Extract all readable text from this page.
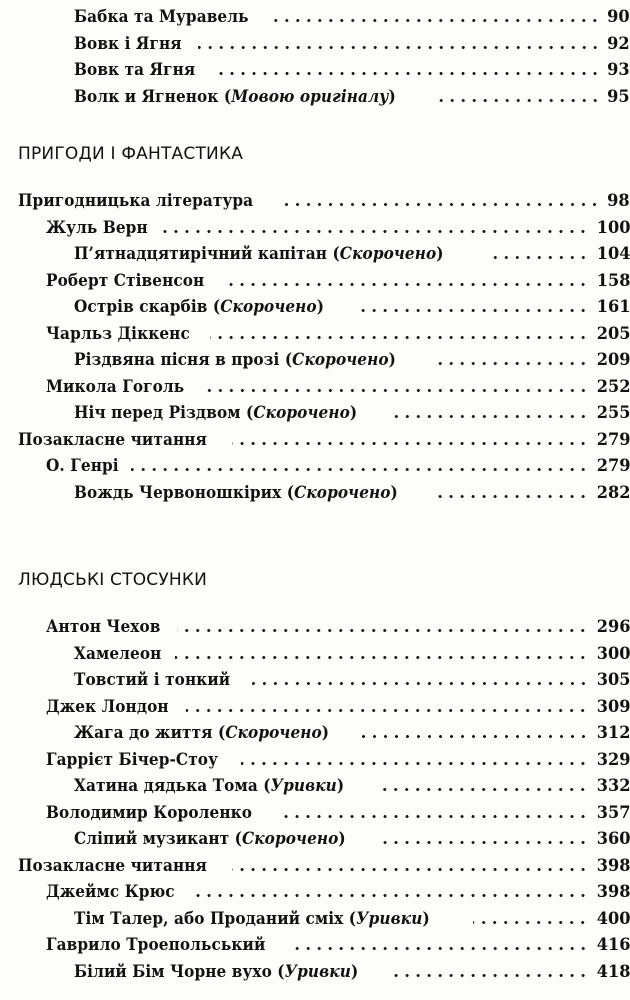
Бабка та Муравель	90
Вовк і Ягня	92
Вовк та Ягня	93
Волк и Ягненок (Мовою оригіналу)	95
ПРИГОДИ І ФАНТАСТИКА
Пригодницька література	98
Жуль Верн	100
П’ятнадцятирічний капітан (Скорочено)	104
Роберт Стівенсон	158
Острів скарбів (Скорочено)	161
Чарльз Діккенс	205
Різдвяна пісня в прозі (Скорочено)	209
Микола Гоголь	252
Ніч перед Різдвом (Скорочено)	255
Позакласне читання	279
О. Генрі	279
Вождь Червоношкірих (Скорочено)	282
ЛЮДСЬКІ СТОСУНКИ
Антон Чехов	296
Хамелеон	300
Товстий і тонкий	305
Джек Лондон	309
Жага до життя (Скорочено)	312
Гаррієт Бічер-Стоу	329
Хатина дядька Тома (Уривки)	332
Володимир Короленко	357
Сліпий музикант (Скорочено)	360
Позакласне читання	398
Джеймс Крюс	398
Тім Талер, або Проданий сміх (Уривки)	400
Гаврило Троепольський	416
Білий Бім Чорне вухо (Уривки)	418
